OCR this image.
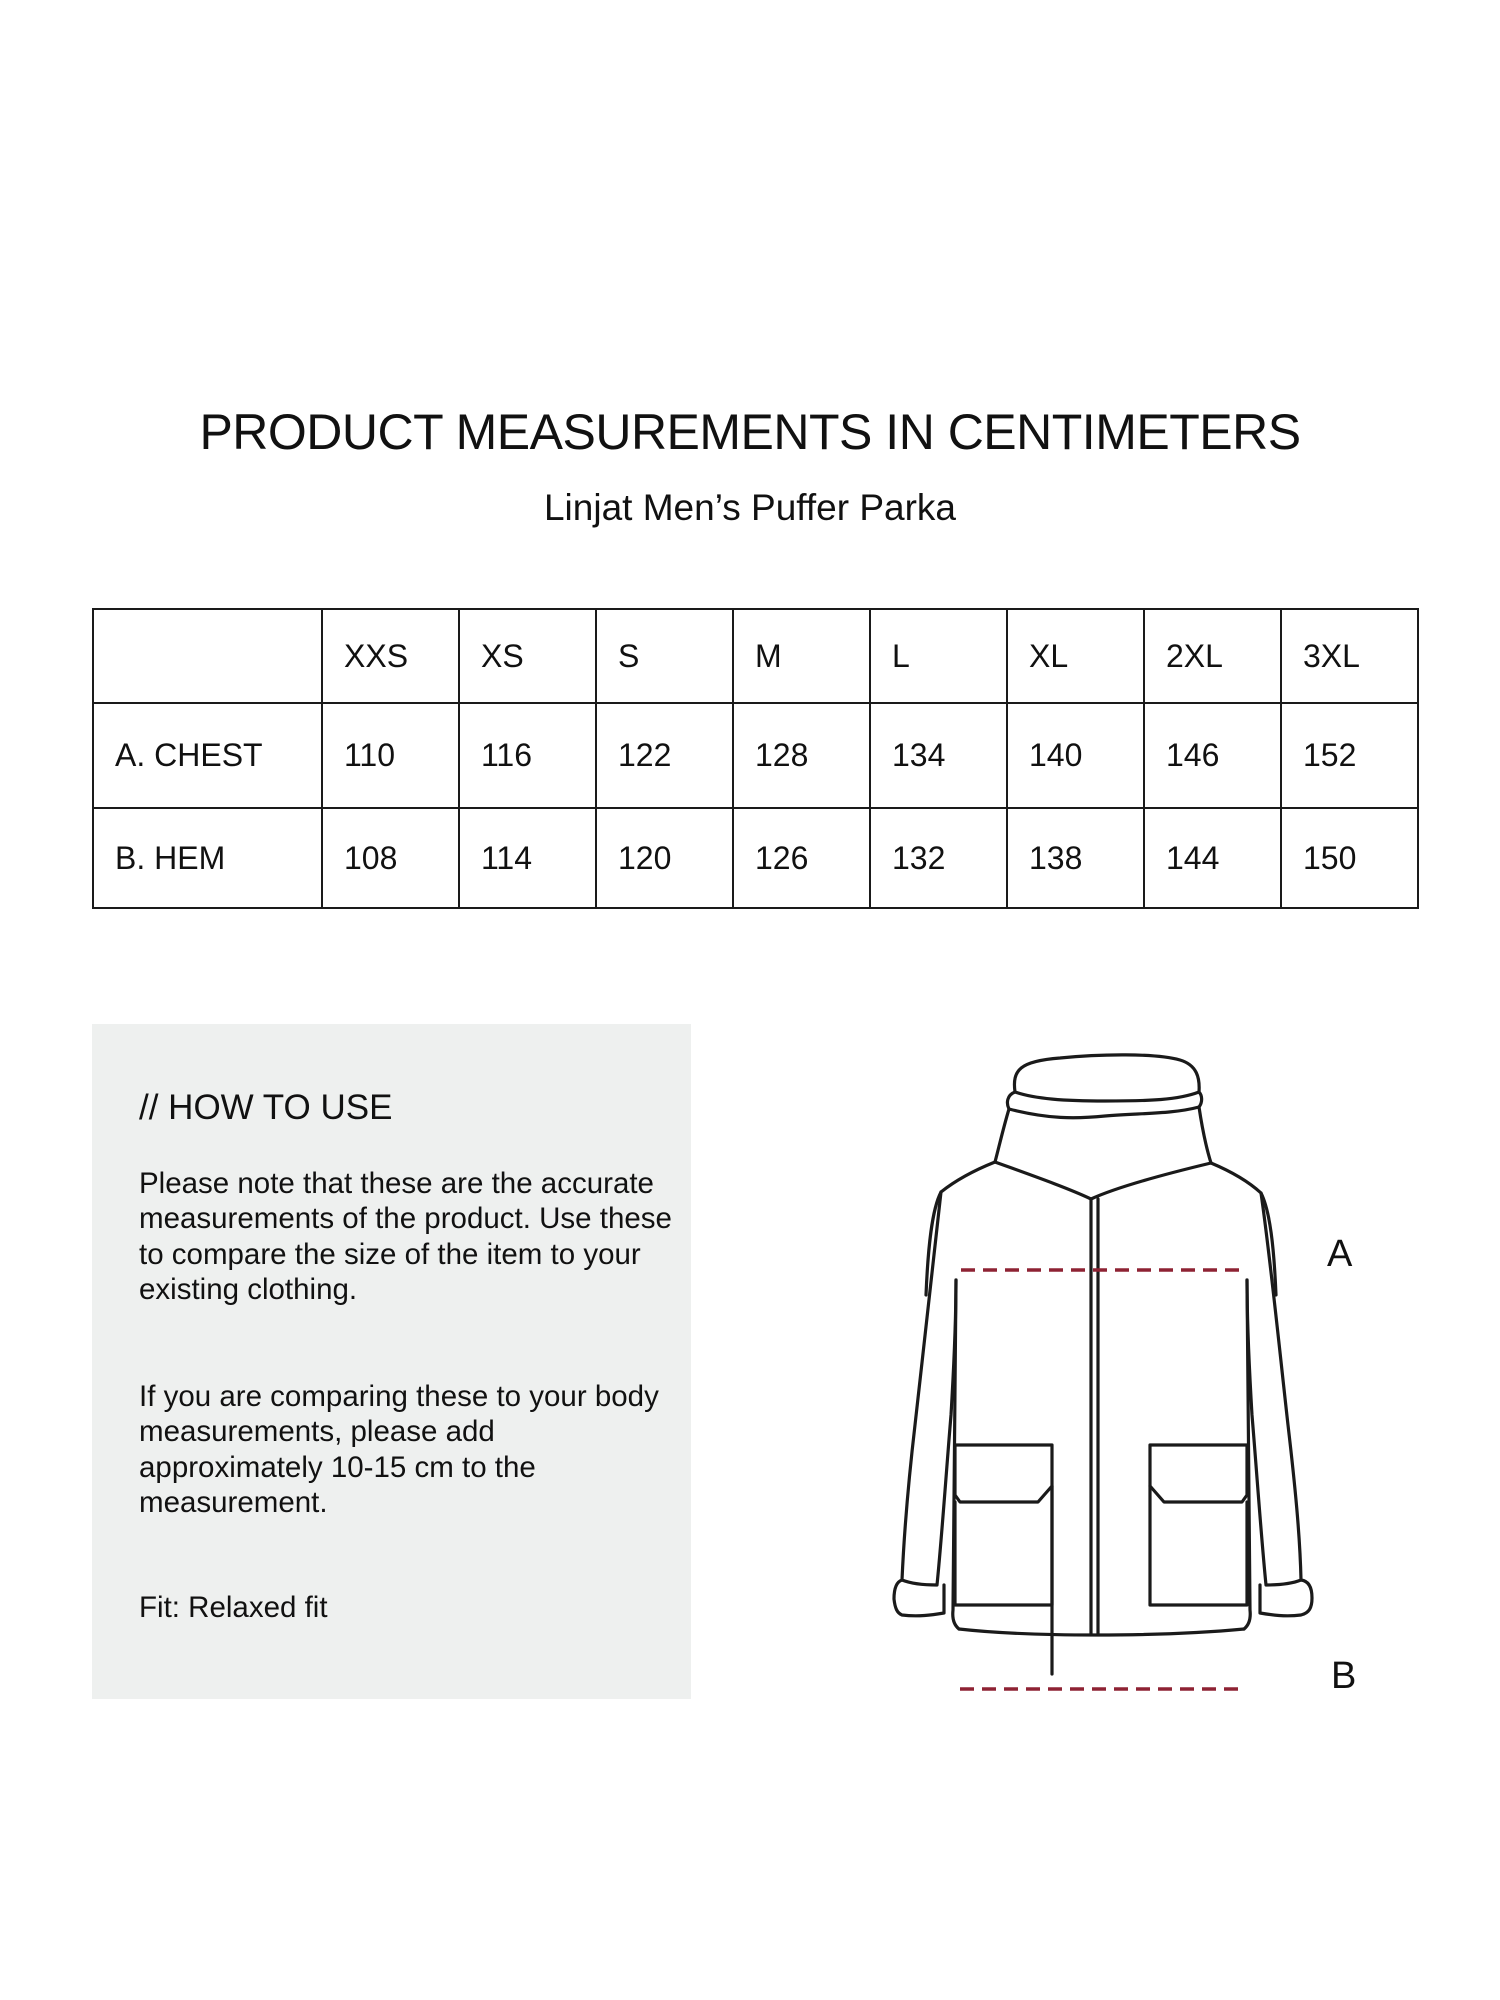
PRODUCT MEASUREMENTS IN CENTIMETERS
Linjat Men’s Puffer Parka
	XXS	XS	S	M	L	XL	2XL	3XL
A. CHEST	110	116	122	128	134	140	146	152
B. HEM	108	114	120	126	132	138	144	150
// HOW TO USE

Please note that these are the accurate measurements of the product. Use these to compare the size of the item to your existing clothing.

If you are comparing these to your body measurements, please add approximately 10-15 cm to the measurement.

Fit: Relaxed fit

A
B
